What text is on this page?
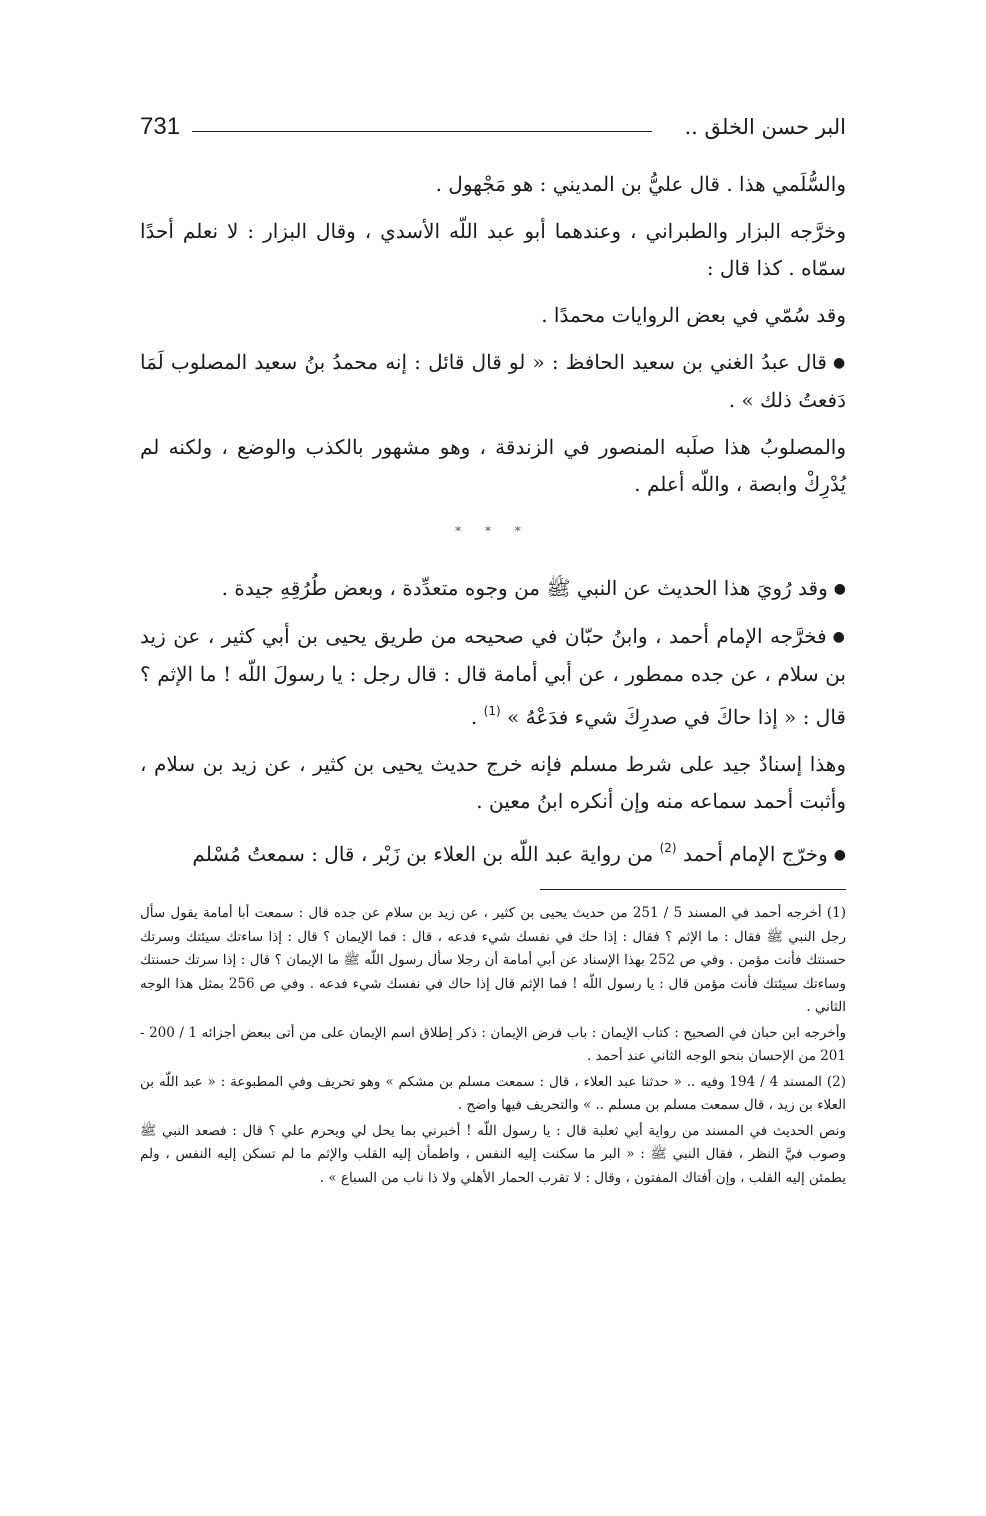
731	البر حسن الخلق ..

والسُّلَمي هذا . قال عليُّ بن المديني : هو مَجْهول .

وخرَّجه البزار والطبراني ، وعندهما أبو عبد اللّه الأسدي ، وقال البزار : لا نعلم أحدًا سمّاه . كذا قال :

وقد سُمّي في بعض الروايات محمدًا .

●قال عبدُ الغني بن سعيد الحافظ : « لو قال قائل : إنه محمدُ بنُ سعيد المصلوب لَمَا دَفعتُ ذلك » .

والمصلوبُ هذا صلَبه المنصور في الزندقة ، وهو مشهور بالكذب والوضع ، ولكنه لم يُدْرِكْ وابصة ، واللّه أعلم .

* * *

●وقد رُويَ هذا الحديث عن النبي ﷺ من وجوه متعدِّدة ، وبعض طُرُقِهِ جيدة .

●فخرَّجه الإمام أحمد ، وابنُ حبّان في صحيحه من طريق يحيى بن أبي كثير ، عن زيد بن سلام ، عن جده ممطور ، عن أبي أمامة قال : قال رجل : يا رسولَ اللّه ! ما الإثم ؟ قال : « إذا حاكَ في صدرِكَ شيء فدَعْهُ » $^{(1)}$ .

وهذا إسنادٌ جيد على شرط مسلم فإنه خرج حديث يحيى بن كثير ، عن زيد بن سلام ، وأثبت أحمد سماعه منه وإن أنكره ابنُ معين .

●وخرّج الإمام أحمد $^{(2)}$ من رواية عبد اللّه بن العلاء بن زَبْر ، قال : سمعتُ مُسْلم

(1) أخرجه أحمد في المسند 5 / 251 من حديث يحيى بن كثير ، عن زيد بن سلام عن جده قال : سمعت أبا أمامة يقول سأل رجل النبي ﷺ فقال : ما الإثم ؟ فقال : إذا حك في نفسك شيء فدعه ، قال : فما الإيمان ؟ قال : إذا ساءتك سيئتك وسرتك حسنتك فأنت مؤمن . وفي ص 252 بهذا الإسناد عن أبي أمامة أن رجلا سأل رسول اللّه ﷺ ما الإيمان ؟ قال : إذا سرتك حسنتك وساءتك سيئتك فأنت مؤمن قال : يا رسول اللّه ! فما الإثم قال إذا حاك في نفسك شيء فدعه . وفي ص 256 بمثل هذا الوجه الثاني .

وأخرجه ابن حبان في الصحيح : كتاب الإيمان : باب فرض الإيمان : ذكر إطلاق اسم الإيمان على من أتى ببعض أجزائه 1 / 200 - 201 من الإحسان بنحو الوجه الثاني عند أحمد .

(2) المسند 4 / 194 وفيه .. « حدثنا عبد العلاء ، قال : سمعت مسلم بن مشكم » وهو تحريف وفي المطبوعة : « عبد اللّه بن العلاء بن زيد ، قال سمعت مسلم بن مسلم .. » والتحريف فيها واضح .

ونص الحديث في المسند من رواية أبي ثعلبة قال : يا رسول اللّه ! أخبرني بما يحل لي ويحرم علي ؟ قال : فصعد النبي ﷺ وصوب فيَّ النظر ، فقال النبي ﷺ : « البر ما سكنت إليه النفس ، واطمأن إليه القلب والإثم ما لم تسكن إليه النفس ، ولم يطمئن إليه القلب ، وإن أفتاك المفتون ، وقال : لا تقرب الحمار الأهلي ولا ذا ناب من السباع » .
